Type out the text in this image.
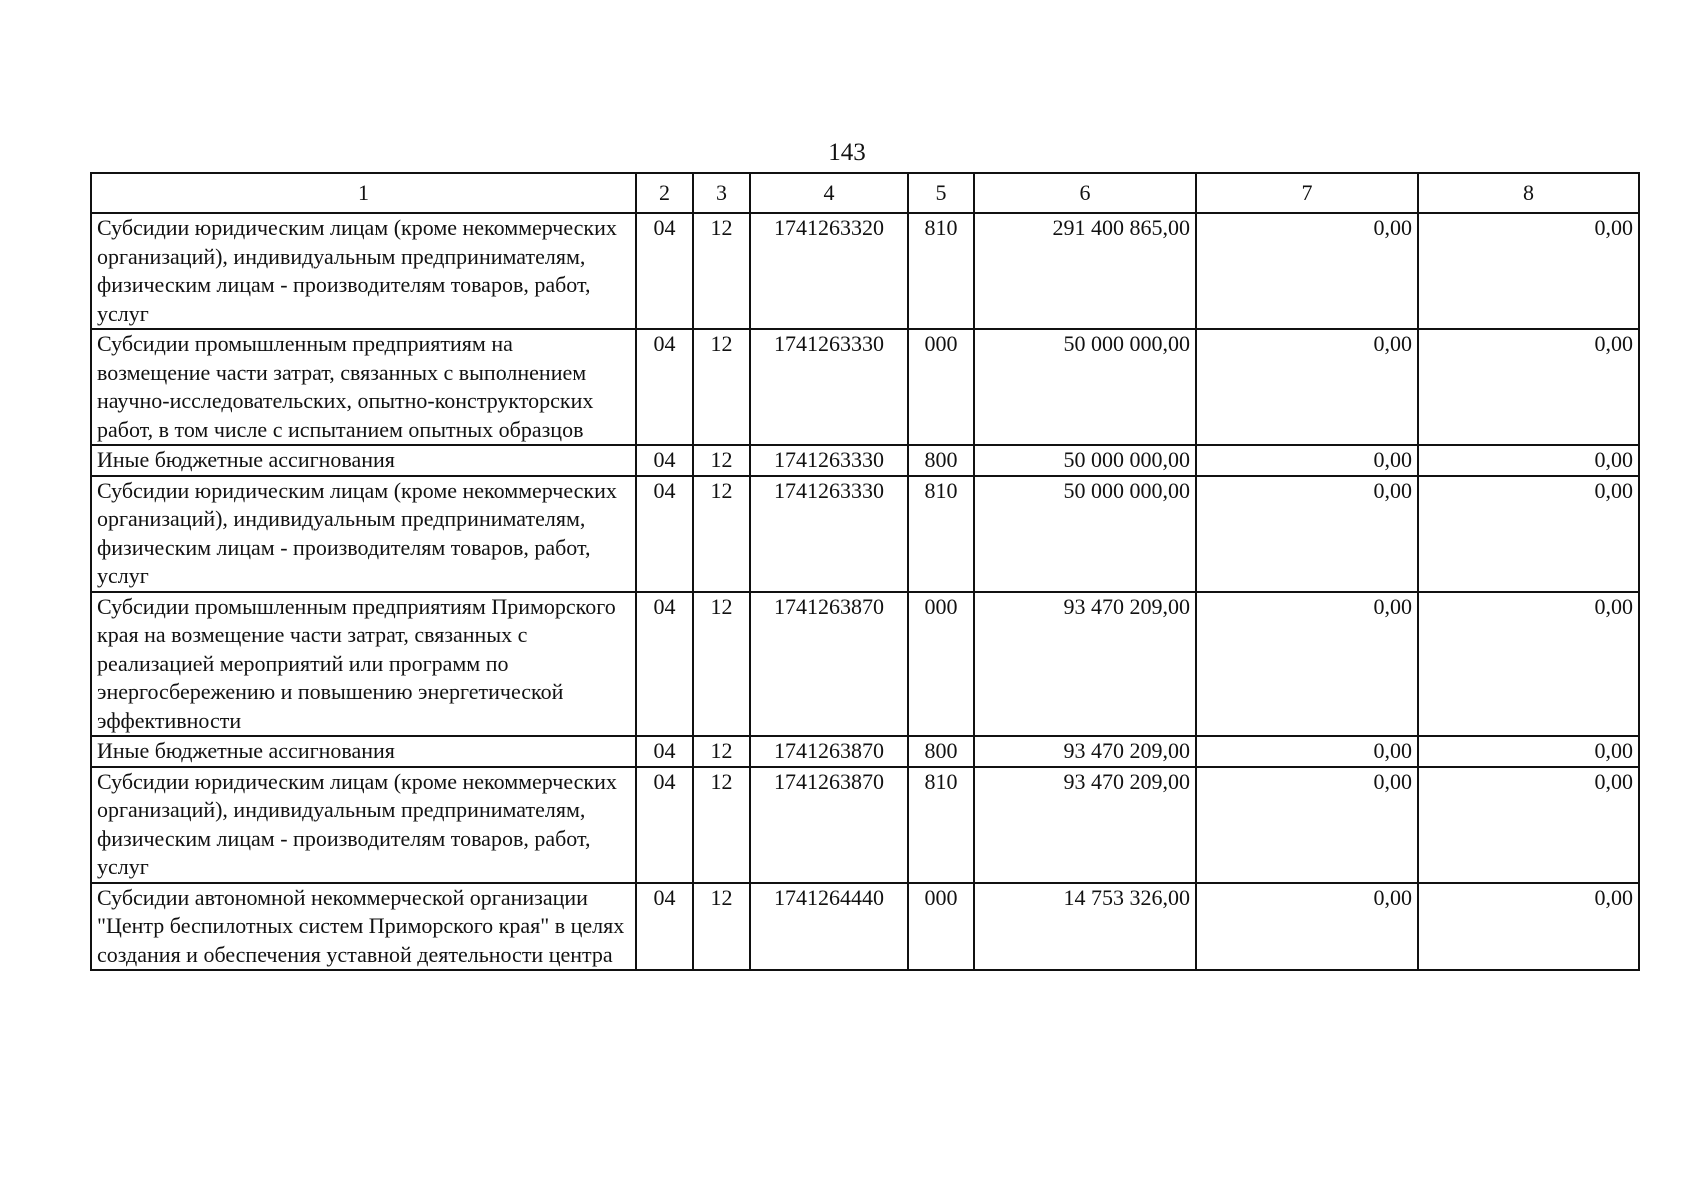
143
1	2	3	4	5	6	7	8
Субсидии юридическим лицам (кроме некоммерческих организаций), индивидуальным предпринимателям, физическим лицам - производителям товаров, работ, услуг	04	12	1741263320	810	291 400 865,00	0,00	0,00
Субсидии промышленным предприятиям на возмещение части затрат, связанных с выполнением научно-исследовательских, опытно-конструкторских работ, в том числе с испытанием опытных образцов	04	12	1741263330	000	50 000 000,00	0,00	0,00
Иные бюджетные ассигнования	04	12	1741263330	800	50 000 000,00	0,00	0,00
Субсидии юридическим лицам (кроме некоммерческих организаций), индивидуальным предпринимателям, физическим лицам - производителям товаров, работ, услуг	04	12	1741263330	810	50 000 000,00	0,00	0,00
Субсидии промышленным предприятиям Приморского края на возмещение части затрат, связанных с реализацией мероприятий или программ по энергосбережению и повышению энергетической эффективности	04	12	1741263870	000	93 470 209,00	0,00	0,00
Иные бюджетные ассигнования	04	12	1741263870	800	93 470 209,00	0,00	0,00
Субсидии юридическим лицам (кроме некоммерческих организаций), индивидуальным предпринимателям, физическим лицам - производителям товаров, работ, услуг	04	12	1741263870	810	93 470 209,00	0,00	0,00
Субсидии автономной некоммерческой организации "Центр беспилотных систем Приморского края" в целях создания и обеспечения уставной деятельности центра	04	12	1741264440	000	14 753 326,00	0,00	0,00
